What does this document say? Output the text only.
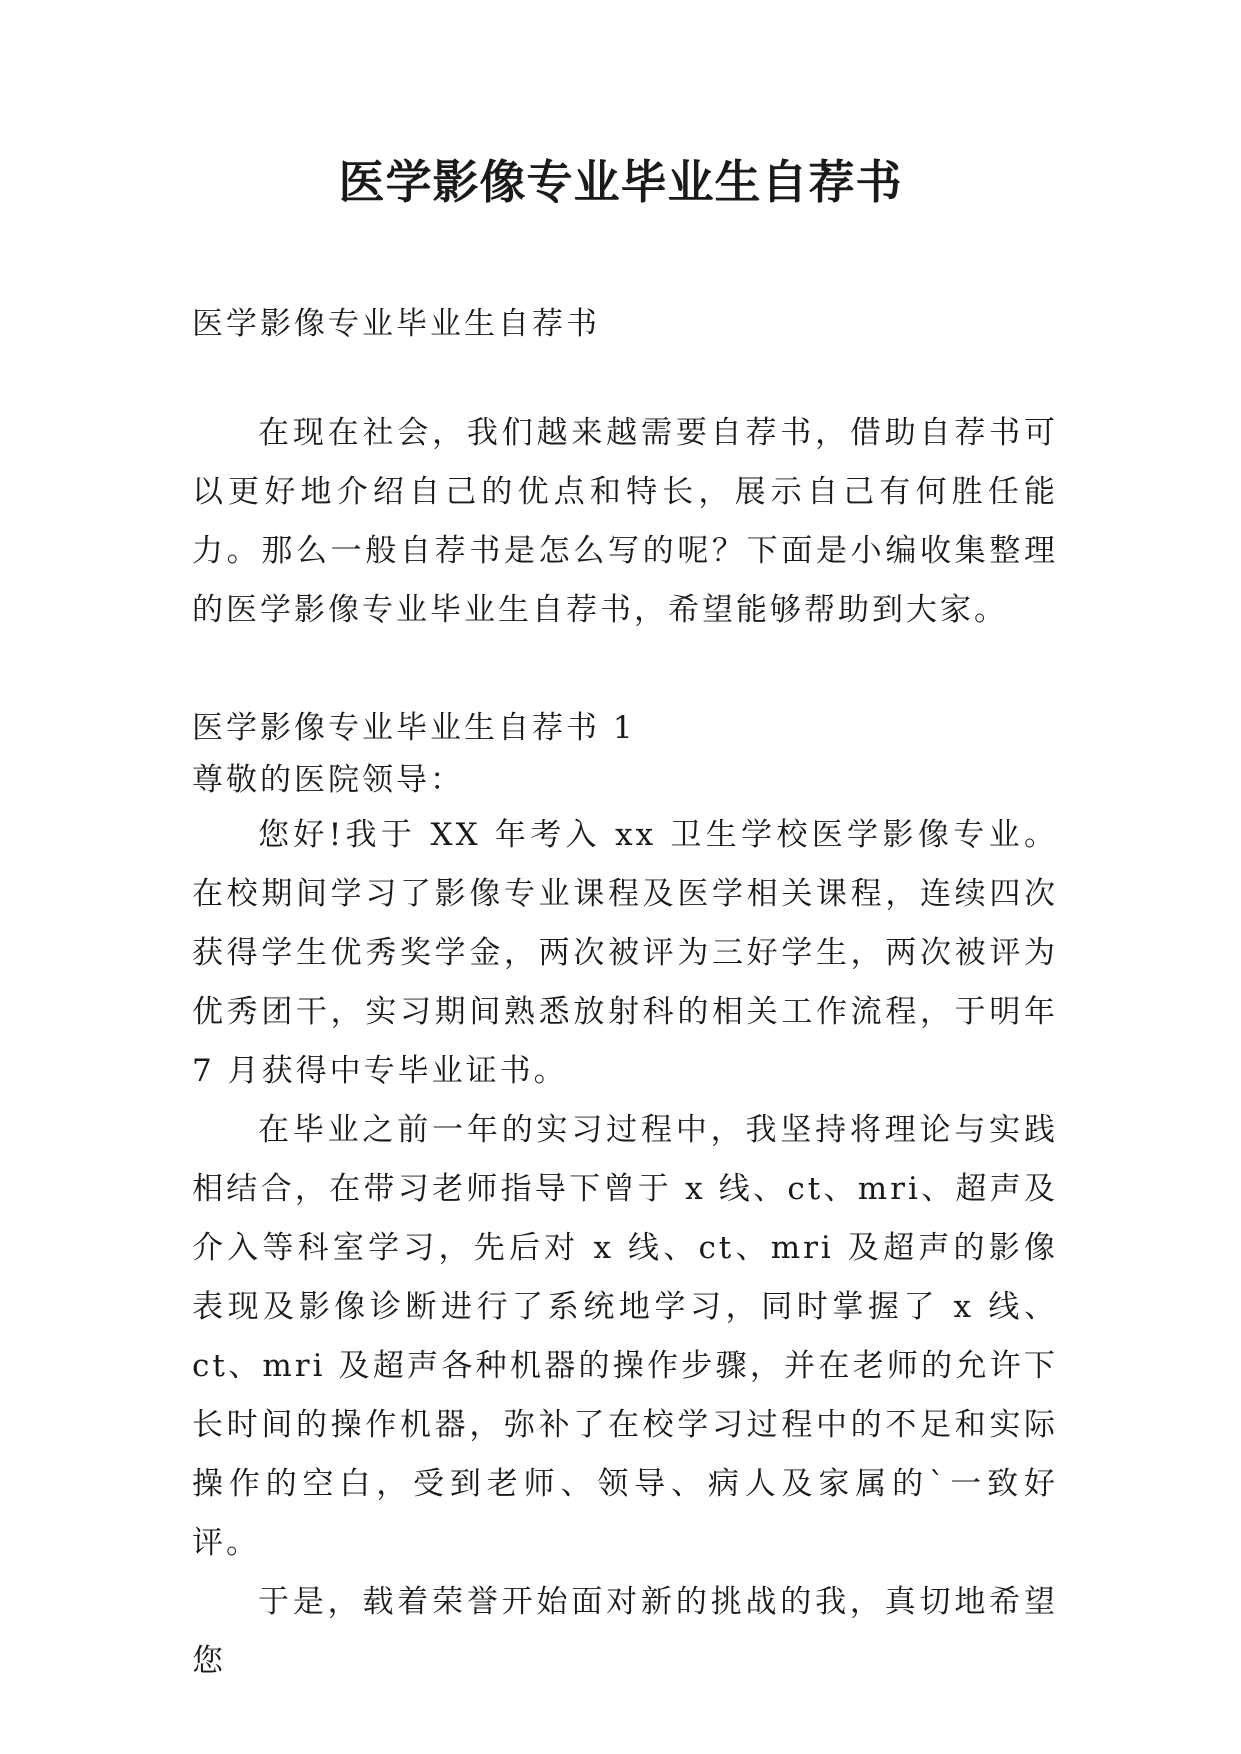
医学影像专业毕业生自荐书

医学影像专业毕业生自荐书

在现在社会，我们越来越需要自荐书，借助自荐书可以更好地介绍自己的优点和特长，展示自己有何胜任能力。那么一般自荐书是怎么写的呢？下面是小编收集整理的医学影像专业毕业生自荐书，希望能够帮助到大家。

医学影像专业毕业生自荐书 1

尊敬的医院领导：

您好!我于 XX 年考入 xx 卫生学校医学影像专业。在校期间学习了影像专业课程及医学相关课程，连续四次获得学生优秀奖学金，两次被评为三好学生，两次被评为优秀团干，实习期间熟悉放射科的相关工作流程，于明年 7 月获得中专毕业证书。

在毕业之前一年的实习过程中，我坚持将理论与实践相结合，在带习老师指导下曾于 x 线、ct、mri、超声及介入等科室学习，先后对 x 线、ct、mri 及超声的影像表现及影像诊断进行了系统地学习，同时掌握了 x 线、ct、mri 及超声各种机器的操作步骤，并在老师的允许下长时间的操作机器，弥补了在校学习过程中的不足和实际操作的空白，受到老师、领导、病人及家属的`一致好评。

于是，载着荣誉开始面对新的挑战的我，真切地希望您
